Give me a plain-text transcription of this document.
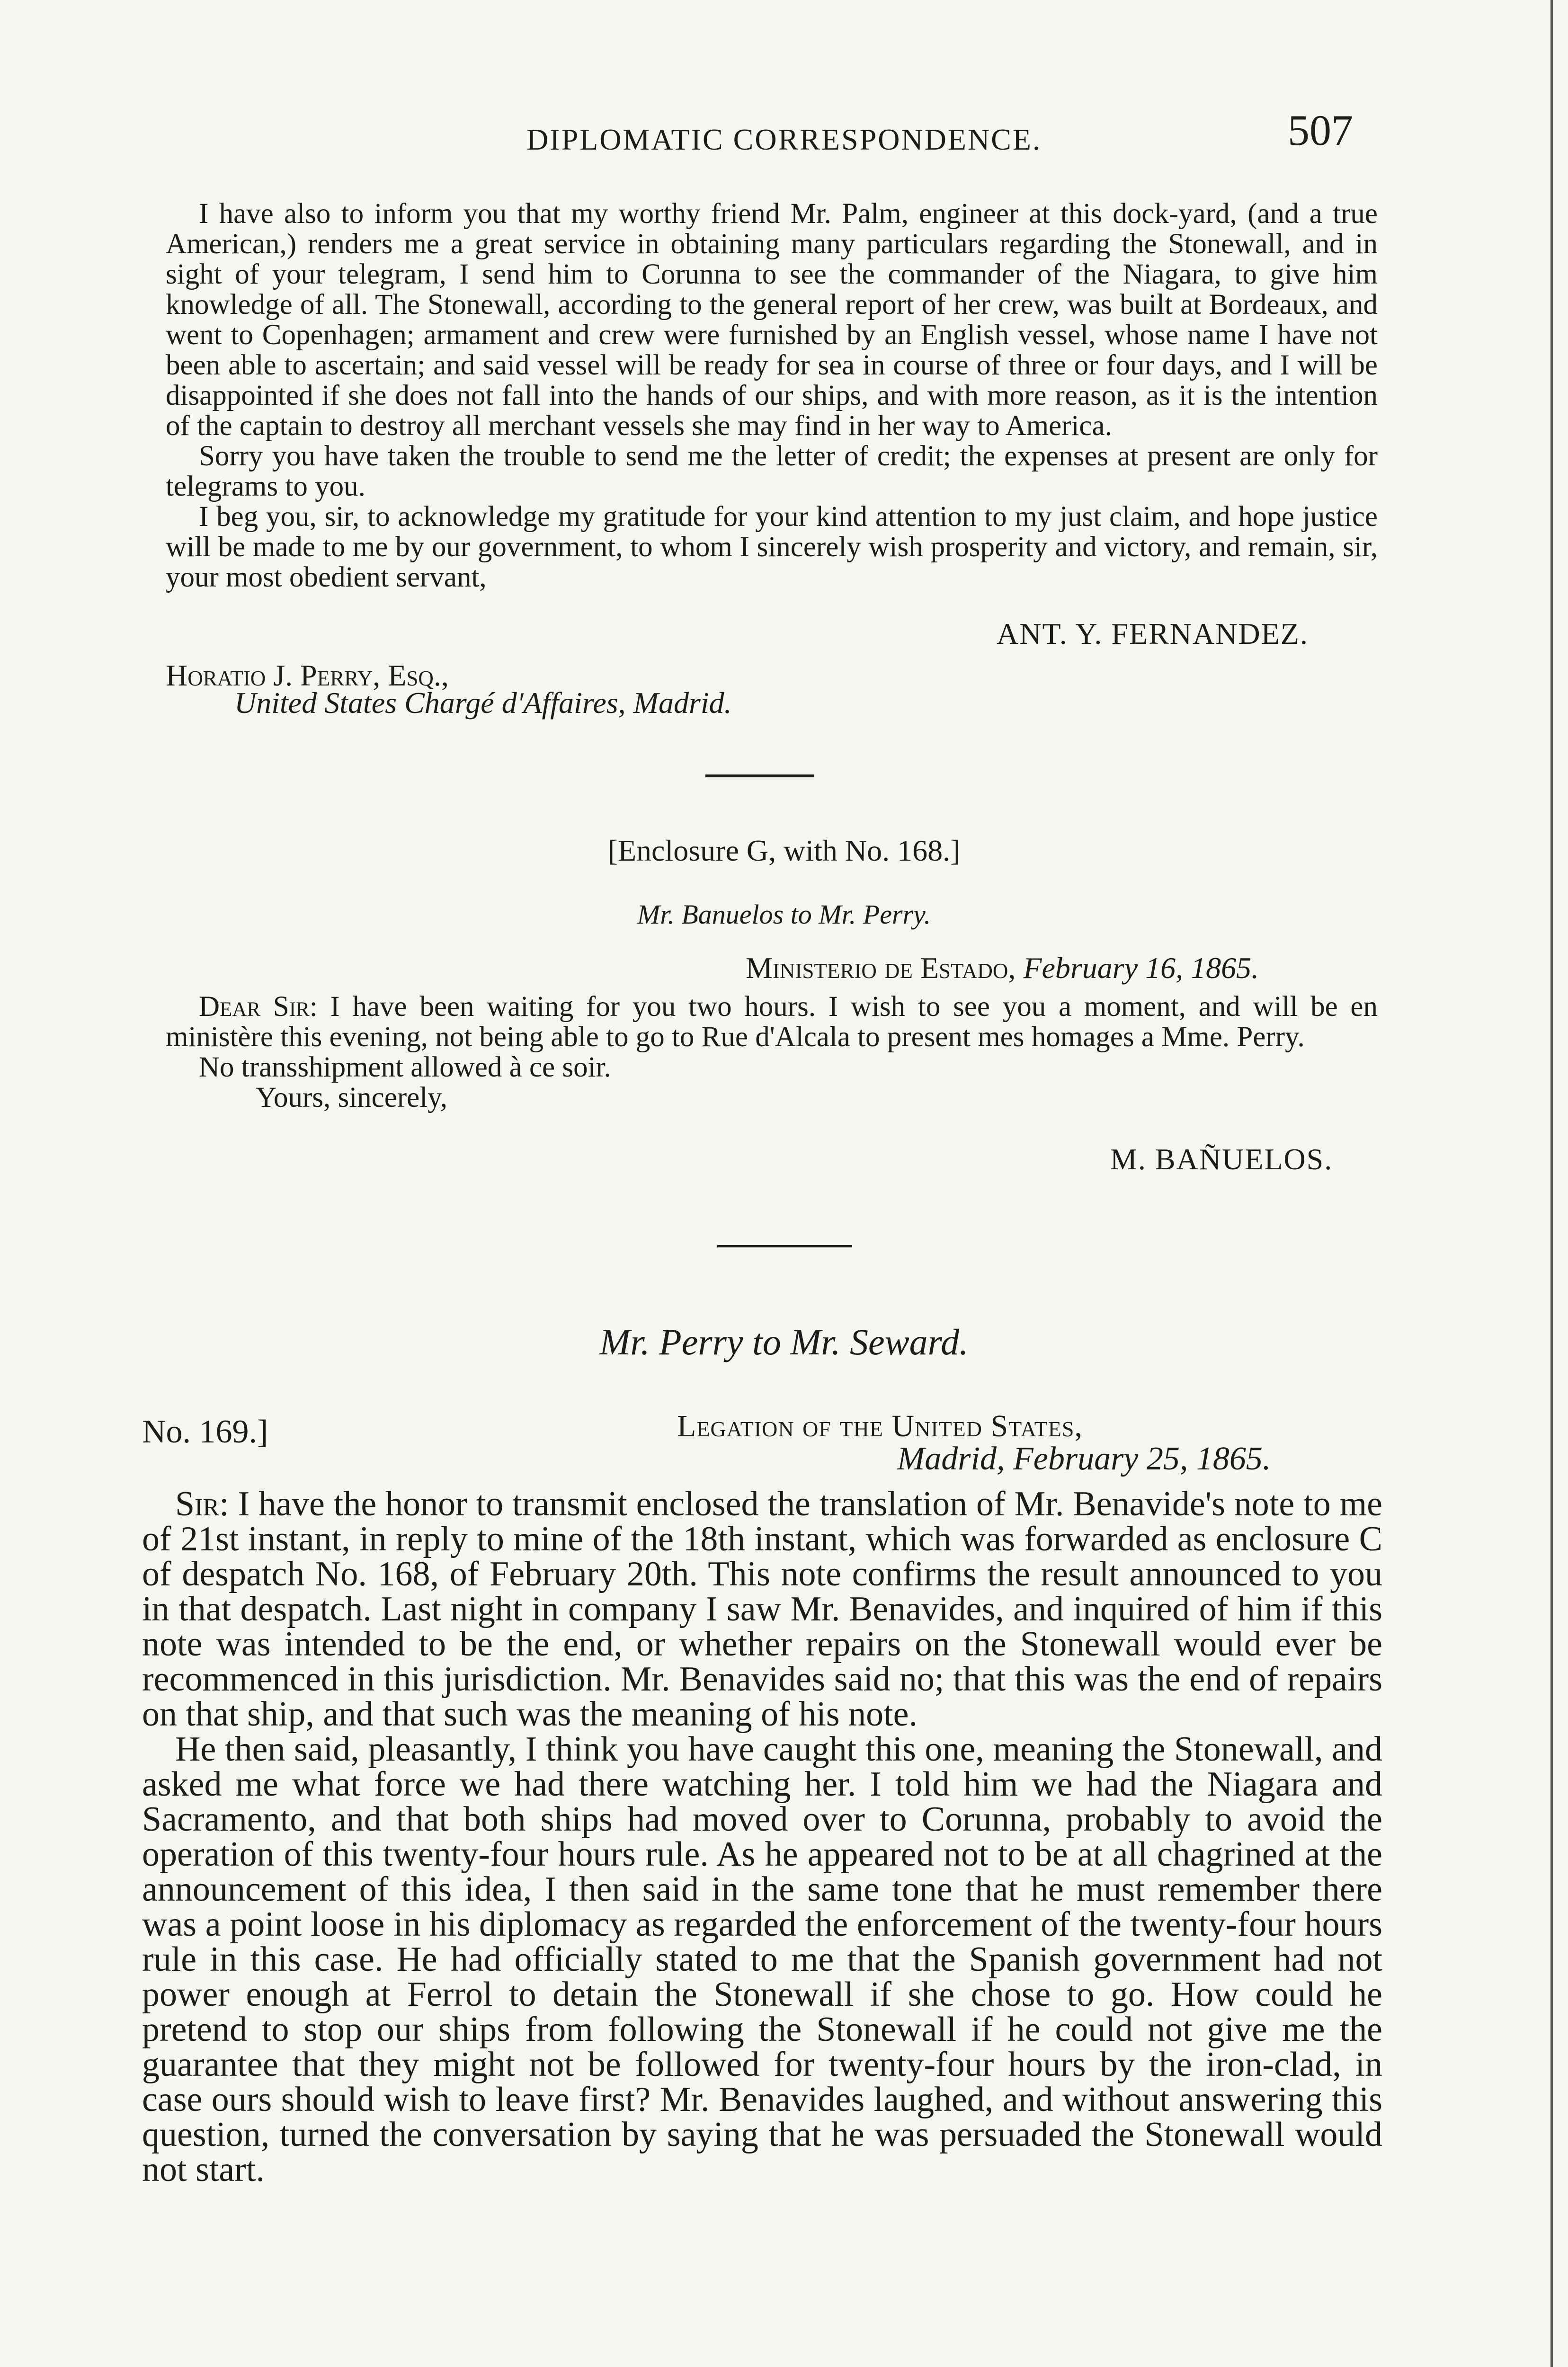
DIPLOMATIC CORRESPONDENCE.	507

I have also to inform you that my worthy friend Mr. Palm, engineer at this dock-yard, (and a true American,) renders me a great service in obtaining many particulars regarding the Stonewall, and in sight of your telegram, I send him to Corunna to see the commander of the Niagara, to give him knowledge of all. The Stonewall, according to the general report of her crew, was built at Bordeaux, and went to Copenhagen; armament and crew were furnished by an English vessel, whose name I have not been able to ascertain; and said vessel will be ready for sea in course of three or four days, and I will be disappointed if she does not fall into the hands of our ships, and with more reason, as it is the intention of the captain to destroy all merchant vessels she may find in her way to America.

Sorry you have taken the trouble to send me the letter of credit; the expenses at present are only for telegrams to you.

I beg you, sir, to acknowledge my gratitude for your kind attention to my just claim, and hope justice will be made to me by our government, to whom I sincerely wish prosperity and victory, and remain, sir, your most obedient servant,

ANT. Y. FERNANDEZ.
Horatio J. Perry, Esq.,
United States Chargé d'Affaires, Madrid.
[Enclosure G, with No. 168.]
Mr. Banuelos to Mr. Perry.
Ministerio de Estado, February 16, 1865.

Dear Sir: I have been waiting for you two hours. I wish to see you a moment, and will be en ministère this evening, not being able to go to Rue d'Alcala to present mes homages a Mme. Perry.

No transshipment allowed à ce soir.

Yours, sincerely,

M. BAÑUELOS.
Mr. Perry to Mr. Seward.
No. 169.]	Legation of the United States,
Madrid, February 25, 1865.

Sir: I have the honor to transmit enclosed the translation of Mr. Benavide's note to me of 21st instant, in reply to mine of the 18th instant, which was forwarded as enclosure C of despatch No. 168, of February 20th. This note confirms the result announced to you in that despatch. Last night in company I saw Mr. Benavides, and inquired of him if this note was intended to be the end, or whether repairs on the Stonewall would ever be recommenced in this jurisdiction. Mr. Benavides said no; that this was the end of repairs on that ship, and that such was the meaning of his note.

He then said, pleasantly, I think you have caught this one, meaning the Stonewall, and asked me what force we had there watching her. I told him we had the Niagara and Sacramento, and that both ships had moved over to Corunna, probably to avoid the operation of this twenty-four hours rule. As he appeared not to be at all chagrined at the announcement of this idea, I then said in the same tone that he must remember there was a point loose in his diplomacy as regarded the enforcement of the twenty-four hours rule in this case. He had officially stated to me that the Spanish government had not power enough at Ferrol to detain the Stonewall if she chose to go. How could he pretend to stop our ships from following the Stonewall if he could not give me the guarantee that they might not be followed for twenty-four hours by the iron-clad, in case ours should wish to leave first? Mr. Benavides laughed, and without answering this question, turned the conversation by saying that he was persuaded the Stonewall would not start.
